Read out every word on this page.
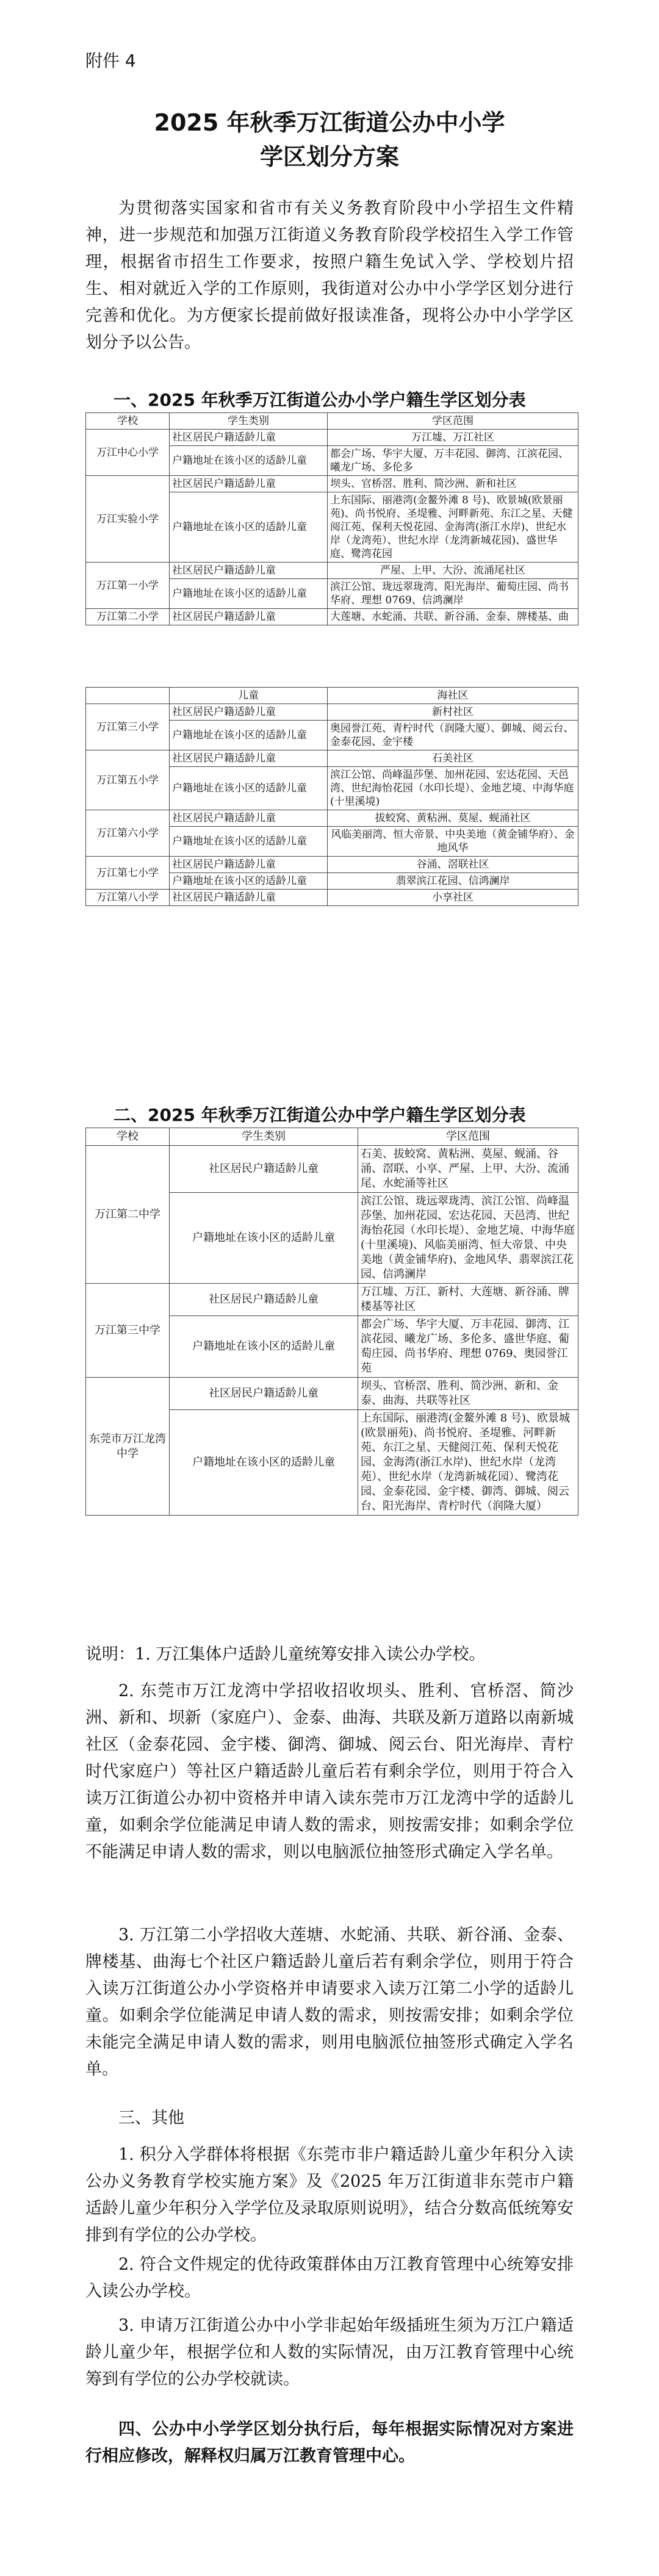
附件 4
2025 年秋季万江街道公办中小学
学区划分方案
为贯彻落实国家和省市有关义务教育阶段中小学招生文件精神，进一步规范和加强万江街道义务教育阶段学校招生入学工作管理，根据省市招生工作要求，按照户籍生免试入学、学校划片招生、相对就近入学的工作原则，我街道对公办中小学学区划分进行完善和优化。为方便家长提前做好报读准备，现将公办中小学学区划分予以公告。
一、2025 年秋季万江街道公办小学户籍生学区划分表
学校	学生类别	学区范围
万江中心小学	社区居民户籍适龄儿童	万江墟、万江社区
	户籍地址在该小区的适龄儿童	都会广场、华宇大厦、万丰花园、御湾、江滨花园、曦龙广场、多伦多
万江实验小学	社区居民户籍适龄儿童	坝头、官桥滘、胜利、简沙洲、新和社区
	户籍地址在该小区的适龄儿童	上东国际、丽港湾(金鳌外滩 8 号)、欧景城(欧景丽苑)、尚书悦府、圣堤雅、河畔新苑、东江之星、天健阅江苑、保利天悦花园、金海湾(浙江水岸)、世纪水岸（龙湾苑）、世纪水岸（龙湾新城花园)、盛世华庭、鹭湾花园
万江第一小学	社区居民户籍适龄儿童	严屋、上甲、大汾、流涌尾社区
	户籍地址在该小区的适龄儿童	滨江公馆、珑远翠珑湾、阳光海岸、葡萄庄园、尚书华府、理想 0769、信鸿澜岸
万江第二小学	社区居民户籍适龄儿童	大莲塘、水蛇涌、共联、新谷涌、金泰、牌楼基、曲
	儿童	海社区
万江第三小学	社区居民户籍适龄儿童	新村社区
	户籍地址在该小区的适龄儿童	奥园誉江苑、青柠时代（润隆大厦）、御城、阅云台、金泰花园、金宇楼
万江第五小学	社区居民户籍适龄儿童	石美社区
	户籍地址在该小区的适龄儿童	滨江公馆、尚峰温莎堡、加州花园、宏达花园、天邑湾、世纪海怡花园（水印长堤）、金地艺境、中海华庭(十里溪境)
万江第六小学	社区居民户籍适龄儿童	拔蛟窝、黄粘洲、莫屋、蚬涌社区
	户籍地址在该小区的适龄儿童	风临美丽湾、恒大帝景、中央美地（黄金铺华府）、金地风华
万江第七小学	社区居民户籍适龄儿童	谷涌、滘联社区
	户籍地址在该小区的适龄儿童	翡翠滨江花园、信鸿澜岸
万江第八小学	社区居民户籍适龄儿童	小享社区
二、2025 年秋季万江街道公办中学户籍生学区划分表
学校	学生类别	学区范围
万江第二中学	社区居民户籍适龄儿童	石美、拔蛟窝、黄粘洲、莫屋、蚬涌、谷涌、滘联、小享、严屋、上甲、大汾、流涌尾、水蛇涌等社区
	户籍地址在该小区的适龄儿童	滨江公馆、珑远翠珑湾、滨江公馆、尚峰温莎堡、加州花园、宏达花园、天邑湾、世纪海怡花园（水印长堤）、金地艺境、中海华庭(十里溪境)、风临美丽湾、恒大帝景、中央美地（黄金铺华府)、金地风华、翡翠滨江花园、信鸿澜岸
万江第三中学	社区居民户籍适龄儿童	万江墟、万江、新村、大莲塘、新谷涌、牌楼基等社区
	户籍地址在该小区的适龄儿童	都会广场、华宇大厦、万丰花园、御湾、江滨花园、曦龙广场、多伦多、盛世华庭、葡萄庄园、尚书华府、理想 0769、奥园誉江苑
东莞市万江龙湾中学	社区居民户籍适龄儿童	坝头、官桥滘、胜利、简沙洲、新和、金泰、曲海、共联等社区
	户籍地址在该小区的适龄儿童	上东国际、丽港湾(金鳌外滩 8 号)、欧景城(欧景丽苑)、尚书悦府、圣堤雅、河畔新苑、东江之星、天健阅江苑、保利天悦花园、金海湾(浙江水岸)、世纪水岸（龙湾苑）、世纪水岸（龙湾新城花园）、鹭湾花园、金泰花园、金宇楼、御湾、御城、阅云台、阳光海岸、青柠时代（润隆大厦）
说明：1. 万江集体户适龄儿童统筹安排入读公办学校。
2. 东莞市万江龙湾中学招收招收坝头、胜利、官桥滘、简沙洲、新和、坝新（家庭户）、金泰、曲海、共联及新万道路以南新城社区（金泰花园、金宇楼、御湾、御城、阅云台、阳光海岸、青柠时代家庭户）等社区户籍适龄儿童后若有剩余学位，则用于符合入读万江街道公办初中资格并申请入读东莞市万江龙湾中学的适龄儿童，如剩余学位能满足申请人数的需求，则按需安排；如剩余学位不能满足申请人数的需求，则以电脑派位抽签形式确定入学名单。
3. 万江第二小学招收大莲塘、水蛇涌、共联、新谷涌、金泰、牌楼基、曲海七个社区户籍适龄儿童后若有剩余学位，则用于符合入读万江街道公办小学资格并申请要求入读万江第二小学的适龄儿童。如剩余学位能满足申请人数的需求，则按需安排；如剩余学位未能完全满足申请人数的需求，则用电脑派位抽签形式确定入学名单。
三、其他
1. 积分入学群体将根据《东莞市非户籍适龄儿童少年积分入读公办义务教育学校实施方案》及《2025 年万江街道非东莞市户籍适龄儿童少年积分入学学位及录取原则说明》，结合分数高低统筹安排到有学位的公办学校。
2. 符合文件规定的优待政策群体由万江教育管理中心统筹安排入读公办学校。
3. 申请万江街道公办中小学非起始年级插班生须为万江户籍适龄儿童少年，根据学位和人数的实际情况，由万江教育管理中心统筹到有学位的公办学校就读。
四、公办中小学学区划分执行后，每年根据实际情况对方案进行相应修改，解释权归属万江教育管理中心。
